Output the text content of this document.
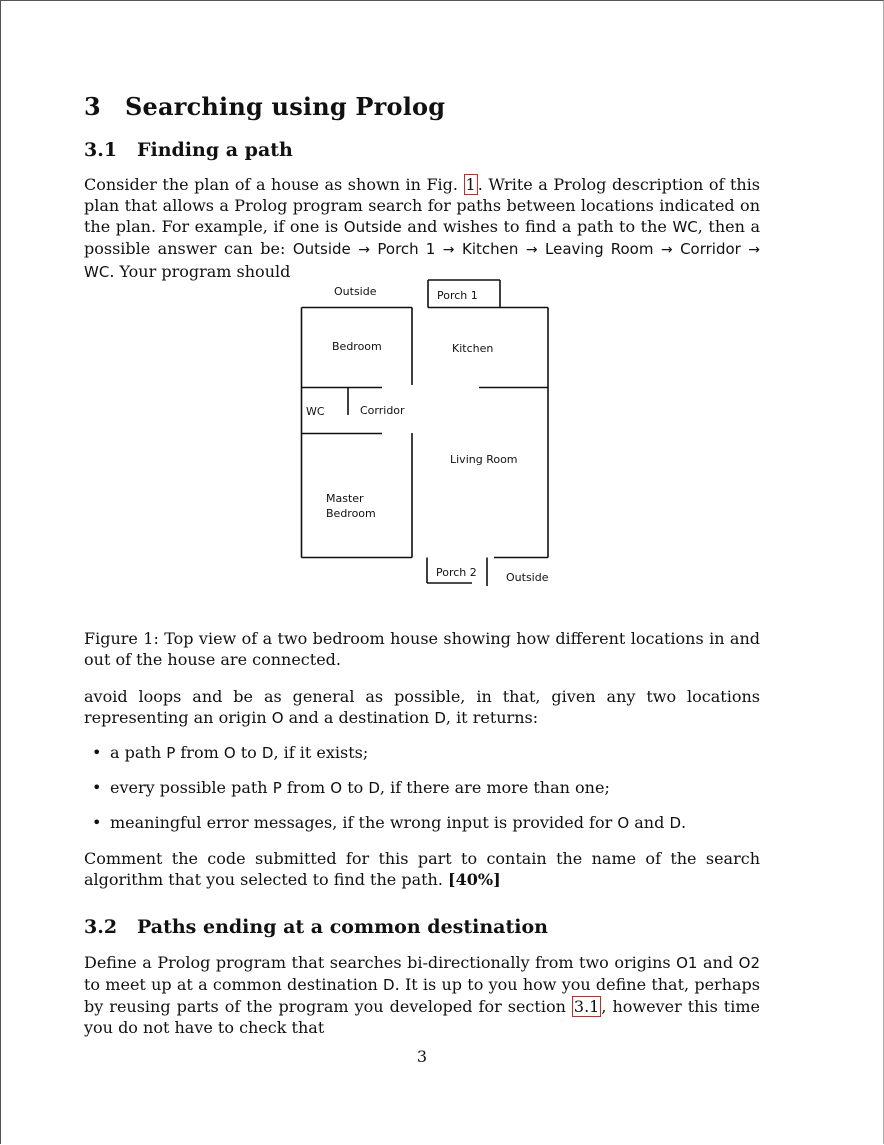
3 Searching using Prolog
3.1 Finding a path

Consider the plan of a house as shown in Fig. 1 . Write a Prolog description of this plan that allows a Prolog program search for paths between locations indicated on the plan. For example, if one is Outside and wishes to find a path to the WC, then a possible answer can be: Outside → Porch 1 → Kitchen → Leaving Room → Corridor → WC. Your program should

Outside	Porch 1
Bedroom	Kitchen
WC	Corridor
Living Room
Master
Bedroom
Porch 2	Outside

Figure 1: Top view of a two bedroom house showing how different locations in and out of the house are connected.

avoid loops and be as general as possible, in that, given any two locations representing an origin O and a destination D, it returns:

• a path P from O to D, if it exists;
• every possible path P from O to D, if there are more than one;
• meaningful error messages, if the wrong input is provided for O and D.

Comment the code submitted for this part to contain the name of the search algorithm that you selected to find the path. [40%]

3.2 Paths ending at a common destination

Define a Prolog program that searches bi-directionally from two origins O1 and O2 to meet up at a common destination D. It is up to you how you define that, perhaps by reusing parts of the program you developed for section 3.1 , however this time you do not have to check that

3
